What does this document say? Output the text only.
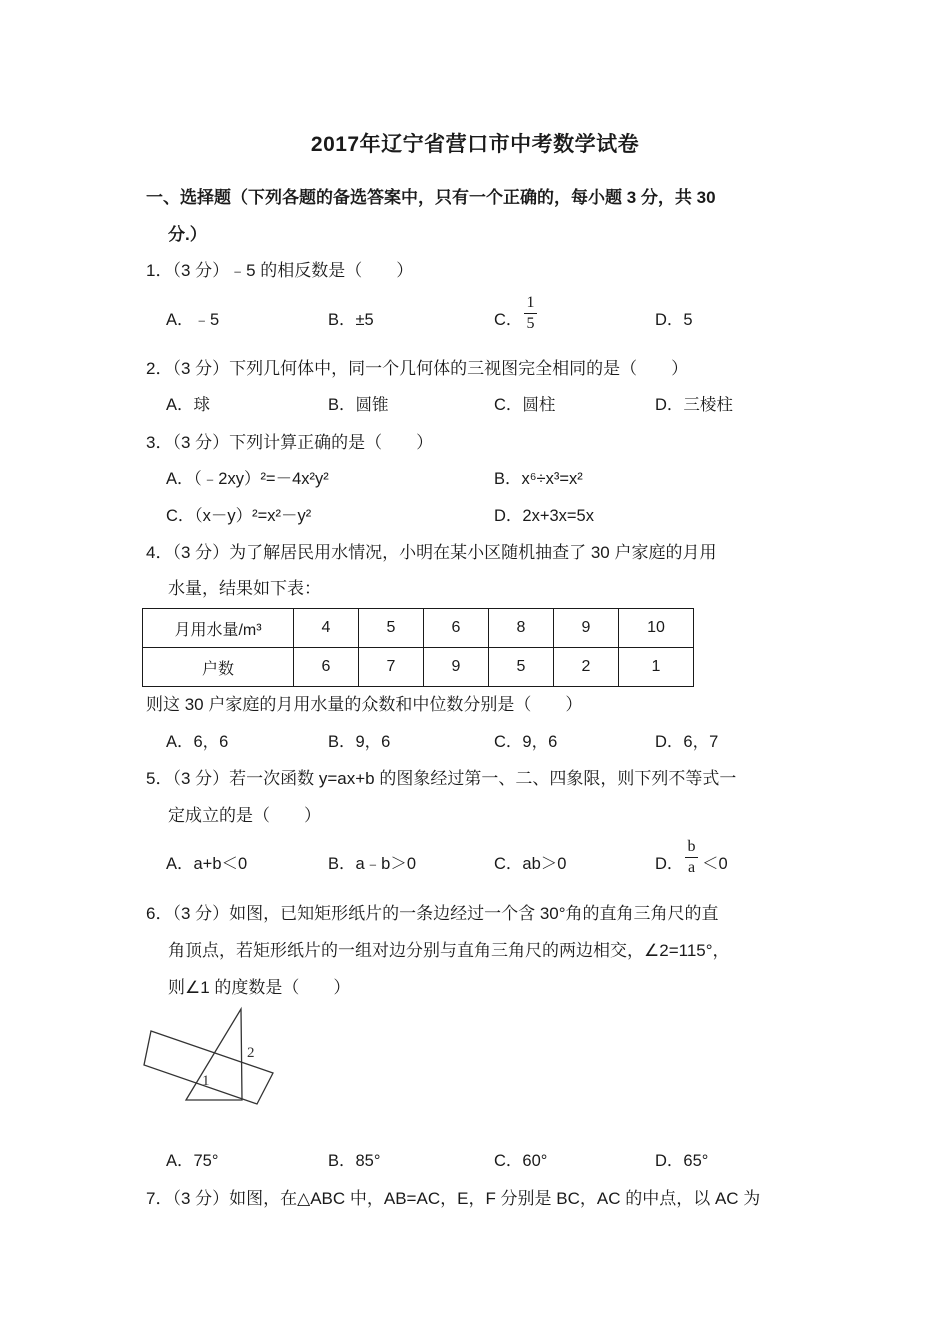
2017年辽宁省营口市中考数学试卷
一、选择题（下列各题的备选答案中，只有一个正确的，每小题 3 分，共 30
分.）
1．（3 分）﹣5 的相反数是（　　）
A．﹣5	B．±5	C．
1
5	D．5
2．（3 分）下列几何体中，同一个几何体的三视图完全相同的是（　　）
A．球	B．圆锥	C．圆柱	D．三棱柱
3．（3 分）下列计算正确的是（　　）
A．（﹣2xy）²=－4x²y²	B．x⁶÷x³=x²
C．（x－y）²=x²－y²	D．2x+3x=5x
4．（3 分）为了解居民用水情况，小明在某小区随机抽查了 30 户家庭的月用
水量，结果如下表：
月用水量/m³	4	5	6	8	9	10
户数	6	7	9	5	2	1
则这 30 户家庭的月用水量的众数和中位数分别是（　　）
A．6，6	B．9，6	C．9，6	D．6，7
5．（3 分）若一次函数 y=ax+b 的图象经过第一、二、四象限，则下列不等式一
定成立的是（　　）
A．a+b＜0	B．a﹣b＞0	C．ab＞0	D．
b
a ＜0
6．（3 分）如图，已知矩形纸片的一条边经过一个含 30°角的直角三角尺的直
角顶点，若矩形纸片的一组对边分别与直角三角尺的两边相交，∠2=115°，
则∠1 的度数是（　　）
2
1
A．75°	B．85°	C．60°	D．65°
7．（3 分）如图，在△ABC 中，AB=AC，E，F 分别是 BC，AC 的中点，以 AC 为
